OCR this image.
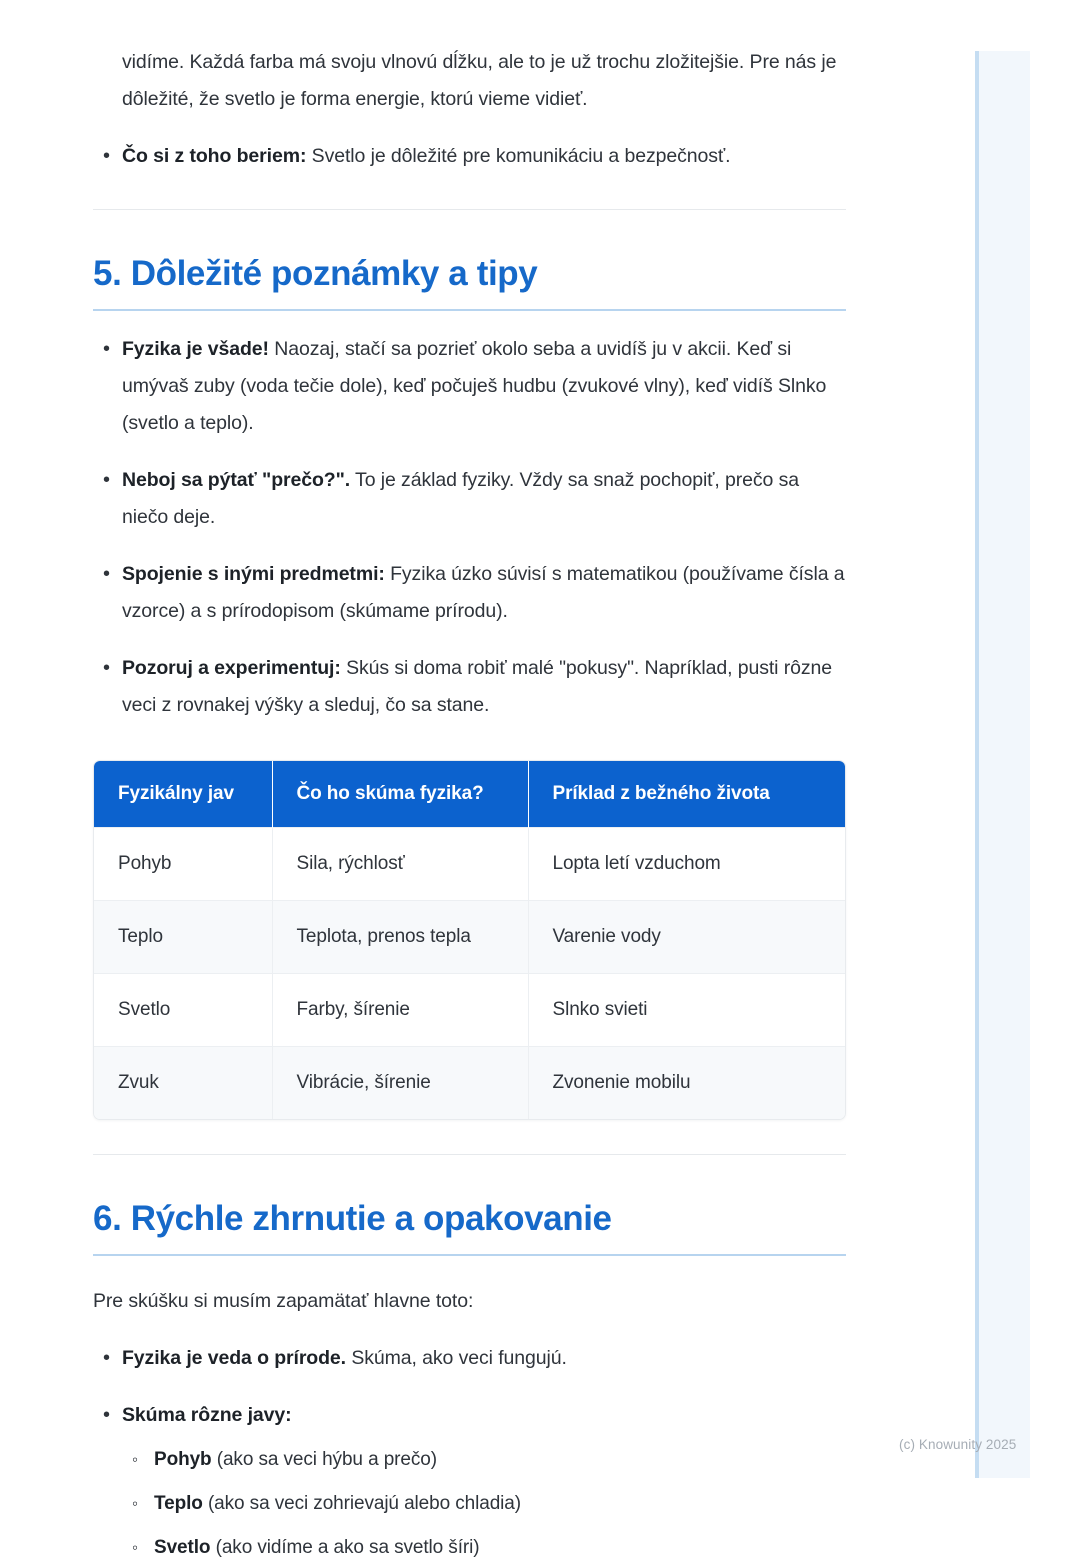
vidíme. Každá farba má svoju vlnovú dĺžku, ale to je už trochu zložitejšie. Pre nás je dôležité, že svetlo je forma energie, ktorú vieme vidieť.

• Čo si z toho beriem: Svetlo je dôležité pre komunikáciu a bezpečnosť.
5. Dôležité poznámky a tipy
• Fyzika je všade! Naozaj, stačí sa pozrieť okolo seba a uvidíš ju v akcii. Keď si umývaš zuby (voda tečie dole), keď počuješ hudbu (zvukové vlny), keď vidíš Slnko (svetlo a teplo).
• Neboj sa pýtať "prečo?". To je základ fyziky. Vždy sa snaž pochopiť, prečo sa niečo deje.
• Spojenie s inými predmetmi: Fyzika úzko súvisí s matematikou (používame čísla a vzorce) a s prírodopisom (skúmame prírodu).
• Pozoruj a experimentuj: Skús si doma robiť malé "pokusy". Napríklad, pusti rôzne veci z rovnakej výšky a sleduj, čo sa stane.
Fyzikálny jav	Čo ho skúma fyzika?	Príklad z bežného života
Pohyb	Sila, rýchlosť	Lopta letí vzduchom
Teplo	Teplota, prenos tepla	Varenie vody
Svetlo	Farby, šírenie	Slnko svieti
Zvuk	Vibrácie, šírenie	Zvonenie mobilu
6. Rýchle zhrnutie a opakovanie

Pre skúšku si musím zapamätať hlavne toto:

• Fyzika je veda o prírode. Skúma, ako veci fungujú.
• Skúma rôzne javy:
◦ Pohyb (ako sa veci hýbu a prečo)
◦ Teplo (ako sa veci zohrievajú alebo chladia)
◦ Svetlo (ako vidíme a ako sa svetlo šíri)
(c) Knowunity 2025
